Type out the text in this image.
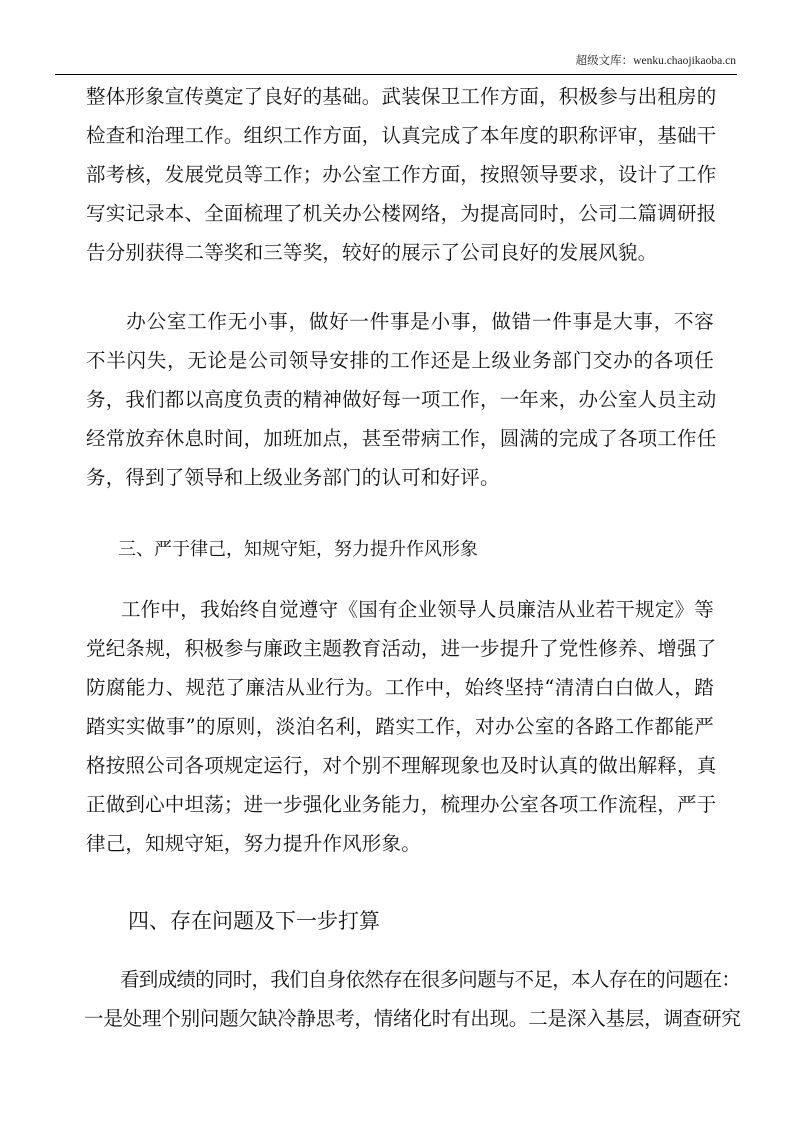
超级文库：wenku.chaojikaoba.cn
整体形象宣传奠定了良好的基础。武装保卫工作方面，积极参与出租房的
检查和治理工作。组织工作方面，认真完成了本年度的职称评审，基础干
部考核，发展党员等工作；办公室工作方面，按照领导要求，设计了工作
写实记录本、全面梳理了机关办公楼网络，为提高同时，公司二篇调研报
告分别获得二等奖和三等奖，较好的展示了公司良好的发展风貌。
　办公室工作无小事，做好一件事是小事，做错一件事是大事，不容
不半闪失，无论是公司领导安排的工作还是上级业务部门交办的各项任
务，我们都以高度负责的精神做好每一项工作，一年来，办公室人员主动
经常放弃休息时间，加班加点，甚至带病工作，圆满的完成了各项工作任
务，得到了领导和上级业务部门的认可和好评。
三、严于律己，知规守矩，努力提升作风形象
工作中，我始终自觉遵守《国有企业领导人员廉洁从业若干规定》等
党纪条规，积极参与廉政主题教育活动，进一步提升了党性修养、增强了
防腐能力、规范了廉洁从业行为。工作中，始终坚持“清清白白做人，踏
踏实实做事”的原则，淡泊名利，踏实工作，对办公室的各路工作都能严
格按照公司各项规定运行，对个别不理解现象也及时认真的做出解释，真
正做到心中坦荡；进一步强化业务能力，梳理办公室各项工作流程，严于
律己，知规守矩，努力提升作风形象。
四、存在问题及下一步打算
看到成绩的同时，我们自身依然存在很多问题与不足，本人存在的问题在：
一是处理个别问题欠缺冷静思考，情绪化时有出现。二是深入基层，调查研究
